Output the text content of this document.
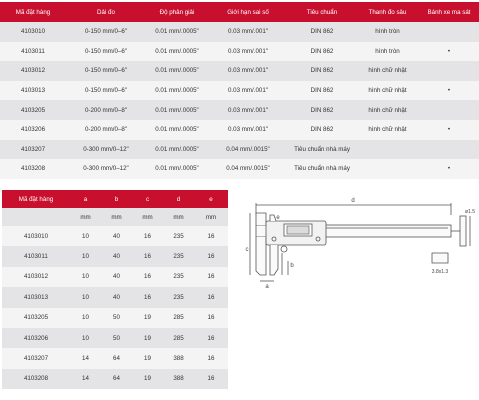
Mã đặt hàng	Dải đo	Độ phân giải	Giới hạn sai số	Tiêu chuẩn	Thanh đo sâu	Bánh xe ma sát
4103010	0-150 mm/0–6"	0.01 mm/.0005"	0.03 mm/.001"	DIN 862	hình tròn	
4103011	0-150 mm/0–6"	0.01 mm/.0005"	0.03 mm/.001"	DIN 862	hình tròn	•
4103012	0-150 mm/0–6"	0.01 mm/.0005"	0.03 mm/.001"	DIN 862	hình chữ nhật	
4103013	0-150 mm/0–6"	0.01 mm/.0005"	0.03 mm/.001"	DIN 862	hình chữ nhật	•
4103205	0-200 mm/0–8"	0.01 mm/.0005"	0.03 mm/.001"	DIN 862	hình chữ nhật	
4103206	0-200 mm/0–8"	0.01 mm/.0005"	0.03 mm/.001"	DIN 862	hình chữ nhật	•
4103207	0-300 mm/0–12"	0.01 mm/.0005"	0.04 mm/.0015"	Tiêu chuẩn nhà máy		
4103208	0-300 mm/0–12"	0.01 mm/.0005"	0.04 mm/.0015"	Tiêu chuẩn nhà máy		•
Mã đặt hàng	a	b	c	d	e
	mm	mm	mm	mm	mm
4103010	10	40	16	235	16
4103011	10	40	16	235	16
4103012	10	40	16	235	16
4103013	10	40	16	235	16
4103205	10	50	19	285	16
4103206	10	50	19	285	16
4103207	14	64	19	388	16
4103208	14	64	19	388	16
d
e
c
b
a
ø1.5
3.8x1.3
